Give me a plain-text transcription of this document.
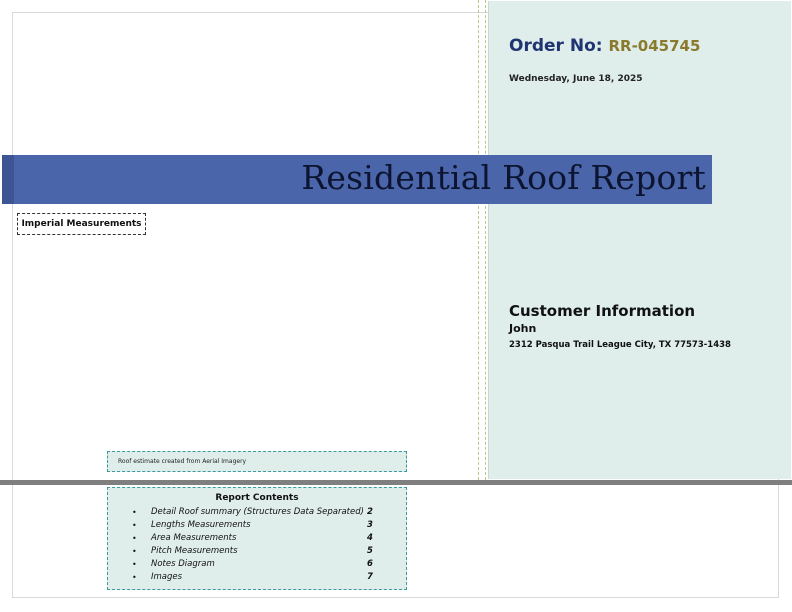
Order No: RR-045745
Wednesday, June 18, 2025
Residential Roof Report
Imperial Measurements
Customer Information
John
2312 Pasqua Trail League City, TX 77573-1438
Roof estimate created from Aerial Imagery
Report Contents
• Detail Roof summary (Structures Data Separated) 2
• Lengths Measurements	3
• Area Measurements	4
• Pitch Measurements	5
• Notes Diagram	6
• Images	7
